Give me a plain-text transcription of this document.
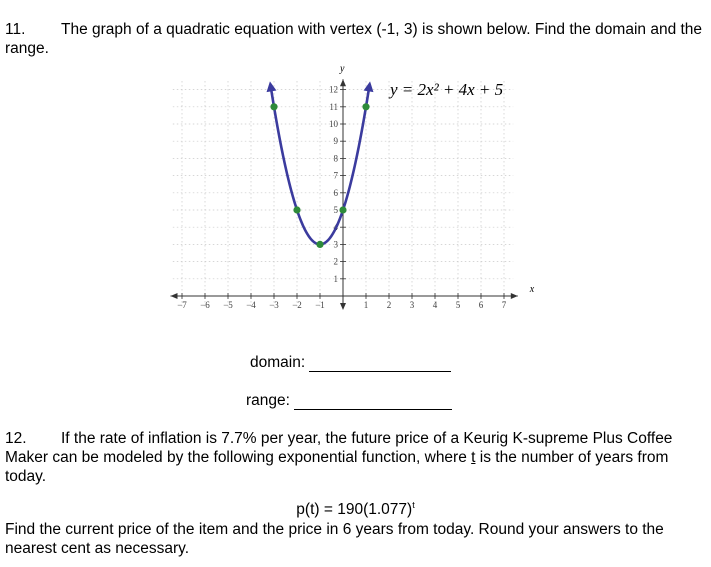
11. The graph of a quadratic equation with vertex (-1, 3) is shown below. Find the domain and the range.
x
y
−7 −6 −5 −4 −3 −2 −1	1 2 3 4 5 6 7
1
2
3
4
5
6
7
8
9
10
11
12	y = 2x² + 4x + 5
domain:
range:
12. If the rate of inflation is 7.7% per year, the future price of a Keurig K-supreme Plus Coffee Maker can be modeled by the following exponential function, where t is the number of years from today.
$p(t) = 190(1.077)^t$
Find the current price of the item and the price in 6 years from today. Round your answers to the nearest cent as necessary.
